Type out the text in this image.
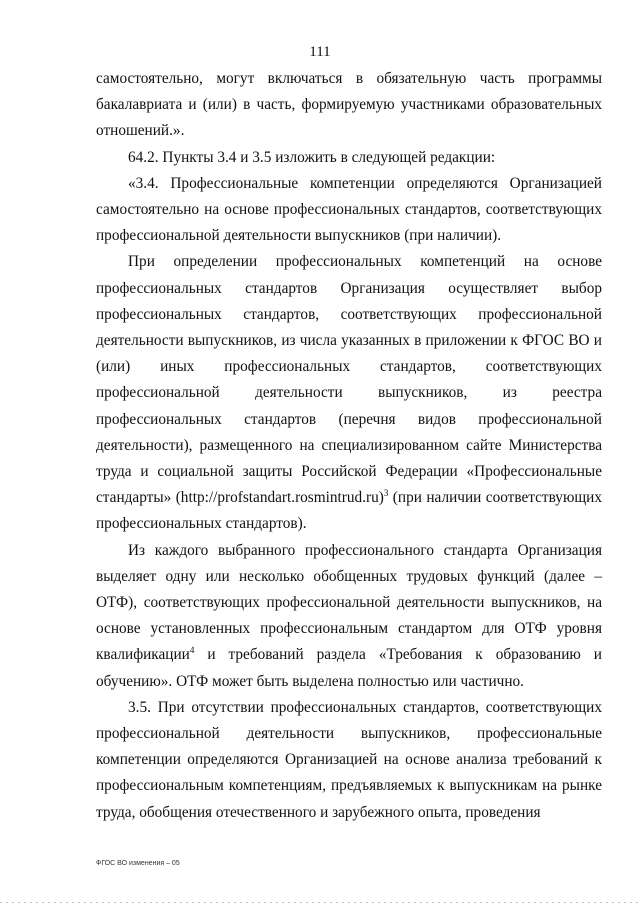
111

самостоятельно, могут включаться в обязательную часть программы бакалавриата и (или) в часть, формируемую участниками образовательных отношений.».

64.2. Пункты 3.4 и 3.5 изложить в следующей редакции:

«3.4. Профессиональные компетенции определяются Организацией самостоятельно на основе профессиональных стандартов, соответствующих профессиональной деятельности выпускников (при наличии).

При определении профессиональных компетенций на основе профессиональных стандартов Организация осуществляет выбор профессиональных стандартов, соответствующих профессиональной деятельности выпускников, из числа указанных в приложении к ФГОС ВО и (или) иных профессиональных стандартов, соответствующих профессиональной деятельности выпускников, из реестра профессиональных стандартов (перечня видов профессиональной деятельности), размещенного на специализированном сайте Министерства труда и социальной защиты Российской Федерации «Профессиональные стандарты» (http://profstandart.rosmintrud.ru)$^3$ (при наличии соответствующих профессиональных стандартов).

Из каждого выбранного профессионального стандарта Организация выделяет одну или несколько обобщенных трудовых функций (далее – ОТФ), соответствующих профессиональной деятельности выпускников, на основе установленных профессиональным стандартом для ОТФ уровня квалификации$^4$ и требований раздела «Требования к образованию и обучению». ОТФ может быть выделена полностью или частично.

3.5. При отсутствии профессиональных стандартов, соответствующих профессиональной деятельности выпускников, профессиональные компетенции определяются Организацией на основе анализа требований к профессиональным компетенциям, предъявляемых к выпускникам на рынке труда, обобщения отечественного и зарубежного опыта, проведения

ФГОС ВО изменения – 05
